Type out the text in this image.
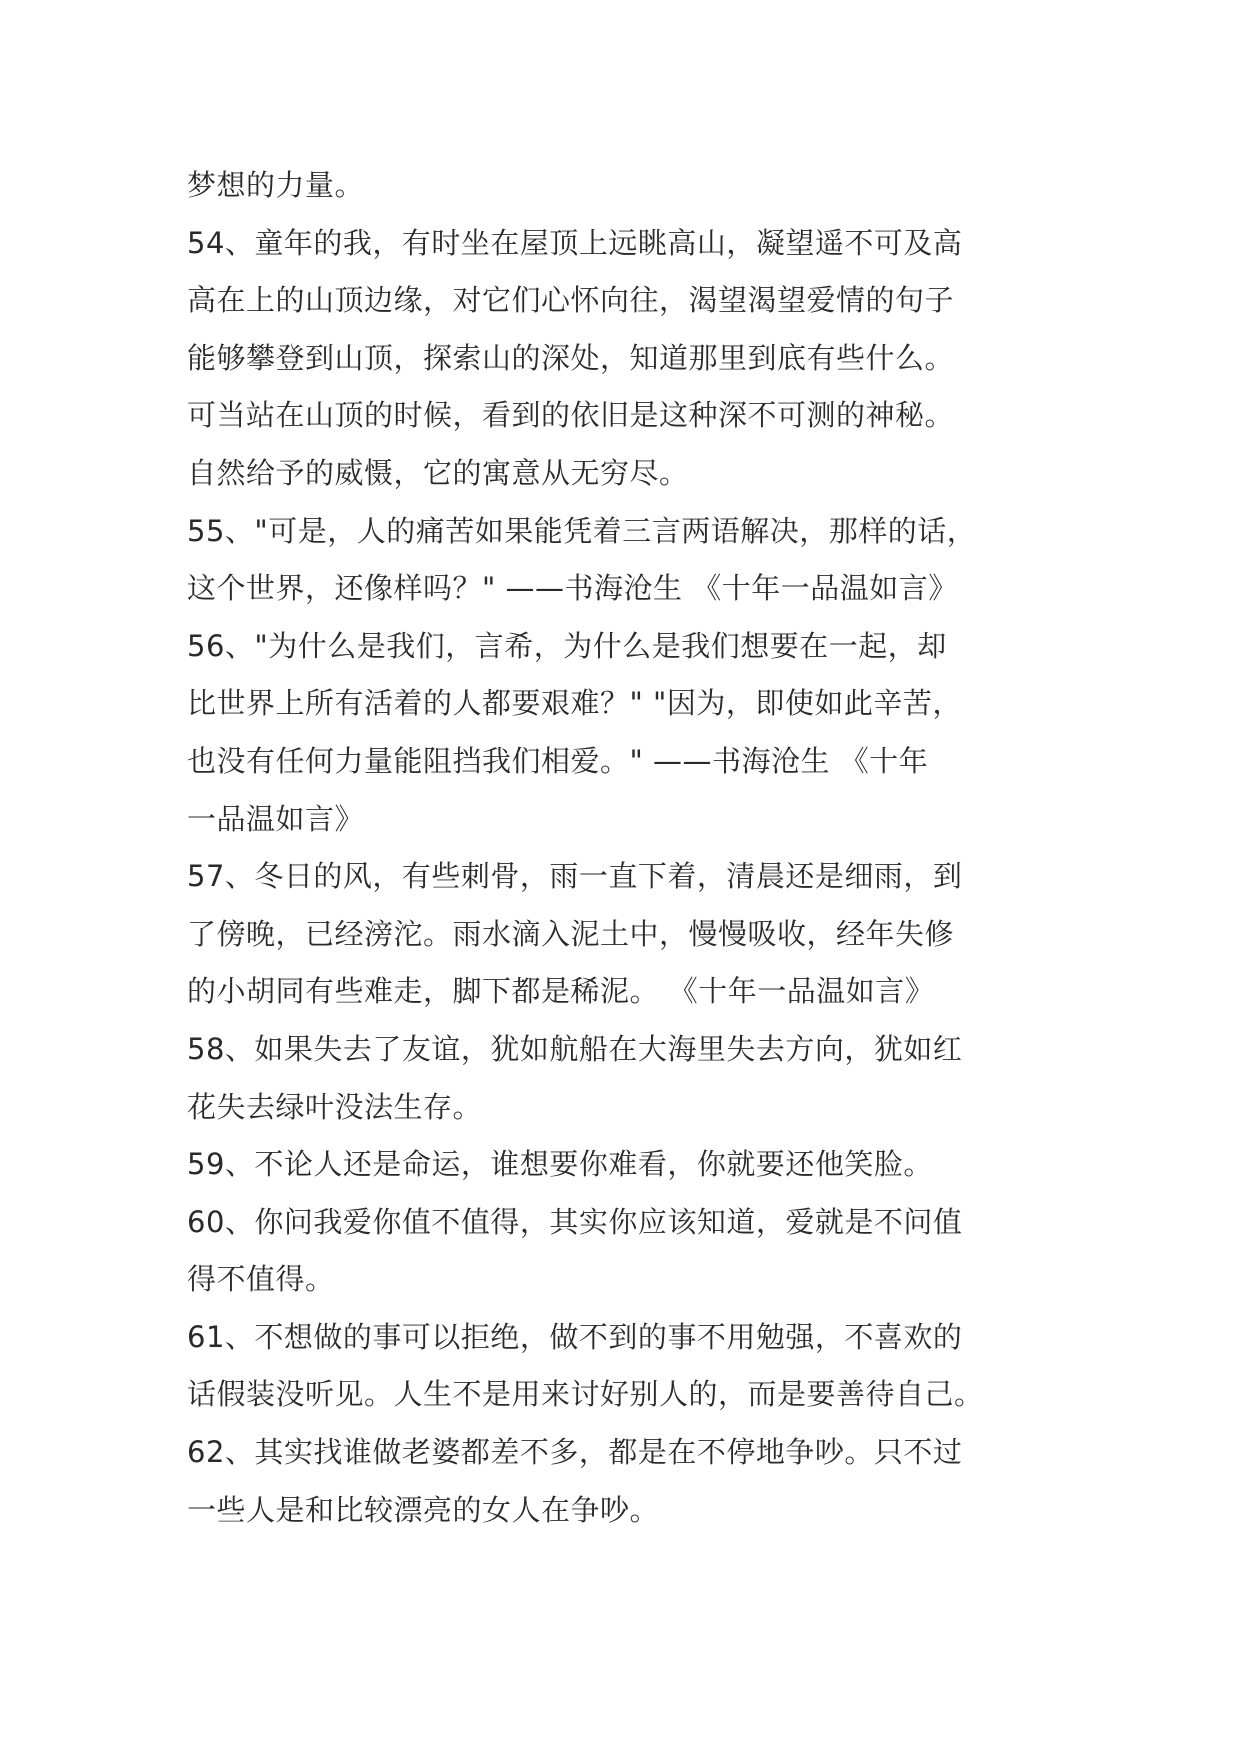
梦想的力量。
54、童年的我，有时坐在屋顶上远眺高山，凝望遥不可及高
高在上的山顶边缘，对它们心怀向往，渴望渴望爱情的句子
能够攀登到山顶，探索山的深处，知道那里到底有些什么。
可当站在山顶的时候，看到的依旧是这种深不可测的神秘。
自然给予的威慑，它的寓意从无穷尽。
55、"可是，人的痛苦如果能凭着三言两语解决，那样的话，
这个世界，还像样吗？" ——书海沧生 《十年一品温如言》
56、"为什么是我们，言希，为什么是我们想要在一起，却
比世界上所有活着的人都要艰难？" "因为，即使如此辛苦，
也没有任何力量能阻挡我们相爱。" ——书海沧生 《十年
一品温如言》
57、冬日的风，有些刺骨，雨一直下着，清晨还是细雨，到
了傍晚，已经滂沱。雨水滴入泥土中，慢慢吸收，经年失修
的小胡同有些难走，脚下都是稀泥。 《十年一品温如言》
58、如果失去了友谊，犹如航船在大海里失去方向，犹如红
花失去绿叶没法生存。
59、不论人还是命运，谁想要你难看，你就要还他笑脸。
60、你问我爱你值不值得，其实你应该知道，爱就是不问值
得不值得。
61、不想做的事可以拒绝，做不到的事不用勉强，不喜欢的
话假装没听见。人生不是用来讨好别人的，而是要善待自己。
62、其实找谁做老婆都差不多，都是在不停地争吵。只不过
一些人是和比较漂亮的女人在争吵。
